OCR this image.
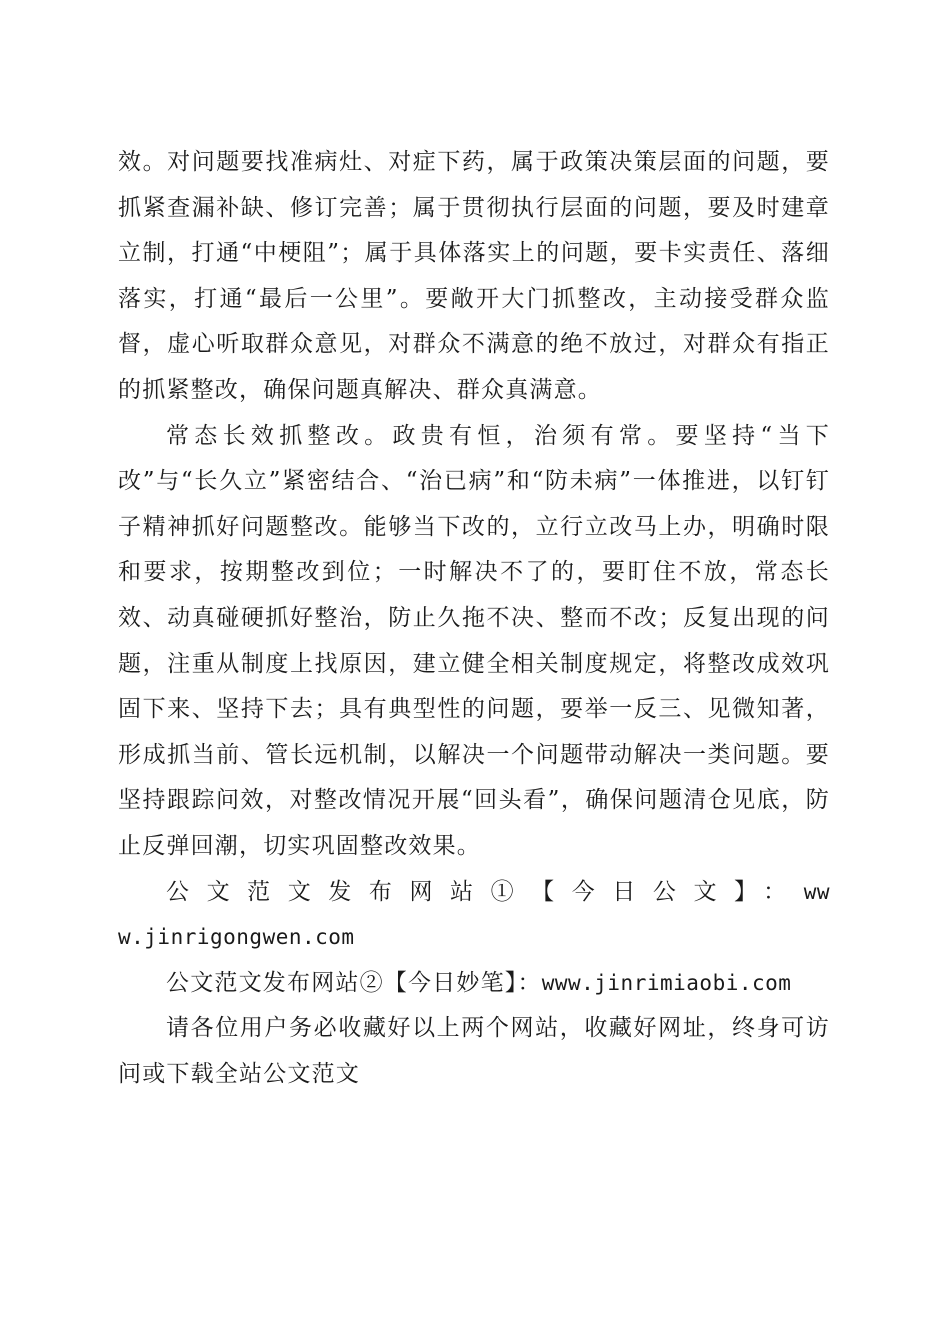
效。对问题要找准病灶、对症下药，属于政策决策层面的问题，要抓紧查漏补缺、修订完善；属于贯彻执行层面的问题，要及时建章立制，打通“中梗阻”；属于具体落实上的问题，要卡实责任、落细落实，打通“最后一公里”。要敞开大门抓整改，主动接受群众监督，虚心听取群众意见，对群众不满意的绝不放过，对群众有指正的抓紧整改，确保问题真解决、群众真满意。

常态长效抓整改。政贵有恒，治须有常。要坚持“当下改”与“长久立”紧密结合、“治已病”和“防未病”一体推进，以钉钉子精神抓好问题整改。能够当下改的，立行立改马上办，明确时限和要求，按期整改到位；一时解决不了的，要盯住不放，常态长效、动真碰硬抓好整治，防止久拖不决、整而不改；反复出现的问题，注重从制度上找原因，建立健全相关制度规定，将整改成效巩固下来、坚持下去；具有典型性的问题，要举一反三、见微知著，形成抓当前、管长远机制，以解决一个问题带动解决一类问题。要坚持跟踪问效，对整改情况开展“回头看”，确保问题清仓见底，防止反弹回潮，切实巩固整改效果。

公文范文发布网站①【今日公文】：www.jinrigongwen.com

公文范文发布网站②【今日妙笔】：www.jinrimiaobi.com

请各位用户务必收藏好以上两个网站，收藏好网址，终身可访问或下载全站公文范文
